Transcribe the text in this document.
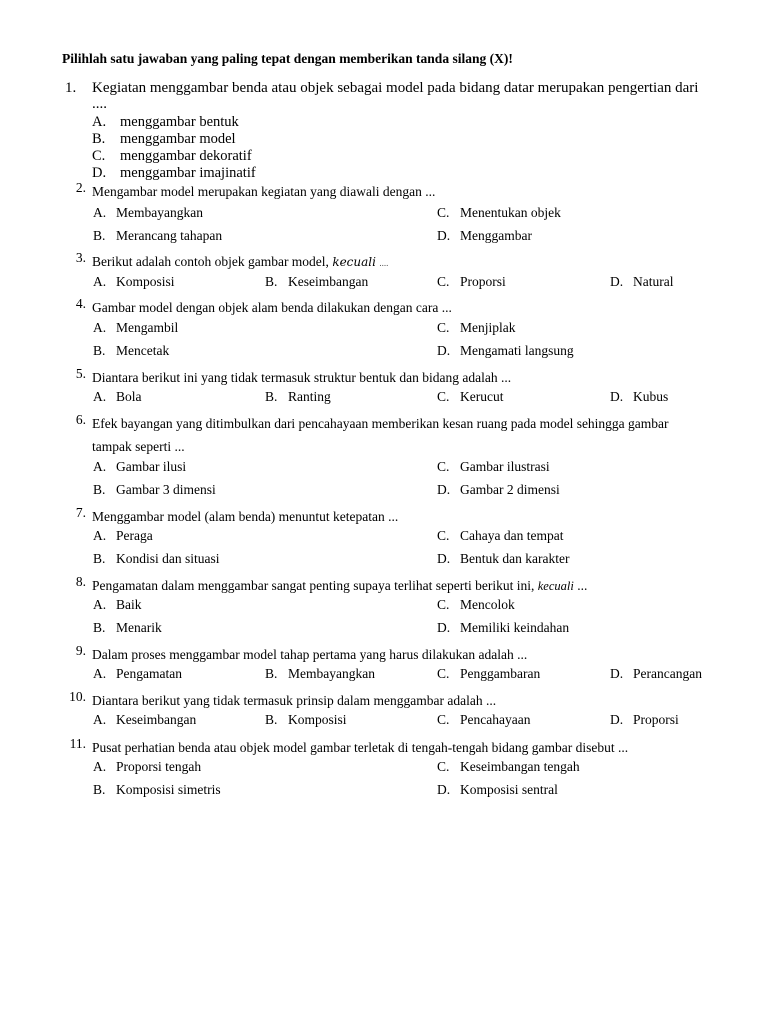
Pilihlah satu jawaban yang paling tepat dengan memberikan tanda silang (X)!
1. Kegiatan menggambar benda atau objek sebagai model pada bidang datar merupakan pengertian dari
....
A. menggambar bentuk
B. menggambar model
C. menggambar dekoratif
D. menggambar imajinatif
2. Mengambar model merupakan kegiatan yang diawali dengan ...
A. Membayangkan	C. Menentukan objek
B. Merancang tahapan	D. Menggambar
3. Berikut adalah contoh objek gambar model, kecuali ....
A. Komposisi	B. Keseimbangan	C. Proporsi	D. Natural
4. Gambar model dengan objek alam benda dilakukan dengan cara ...
A. Mengambil	C. Menjiplak
B. Mencetak	D. Mengamati langsung
5. Diantara berikut ini yang tidak termasuk struktur bentuk dan bidang adalah ...
A. Bola	B. Ranting	C. Kerucut	D. Kubus
6. Efek bayangan yang ditimbulkan dari pencahayaan memberikan kesan ruang pada model sehingga gambar
tampak seperti ...
A. Gambar ilusi	C. Gambar ilustrasi
B. Gambar 3 dimensi	D. Gambar 2 dimensi
7. Menggambar model (alam benda) menuntut ketepatan ...
A. Peraga	C. Cahaya dan tempat
B. Kondisi dan situasi	D. Bentuk dan karakter
8. Pengamatan dalam menggambar sangat penting supaya terlihat seperti berikut ini, kecuali ...
A. Baik	C. Mencolok
B. Menarik	D. Memiliki keindahan
9. Dalam proses menggambar model tahap pertama yang harus dilakukan adalah ...
A. Pengamatan	B. Membayangkan	C. Penggambaran	D. Perancangan
10. Diantara berikut yang tidak termasuk prinsip dalam menggambar adalah ...
A. Keseimbangan	B. Komposisi	C. Pencahayaan	D. Proporsi
11. Pusat perhatian benda atau objek model gambar terletak di tengah-tengah bidang gambar disebut ...
A. Proporsi tengah	C. Keseimbangan tengah
B. Komposisi simetris	D. Komposisi sentral
